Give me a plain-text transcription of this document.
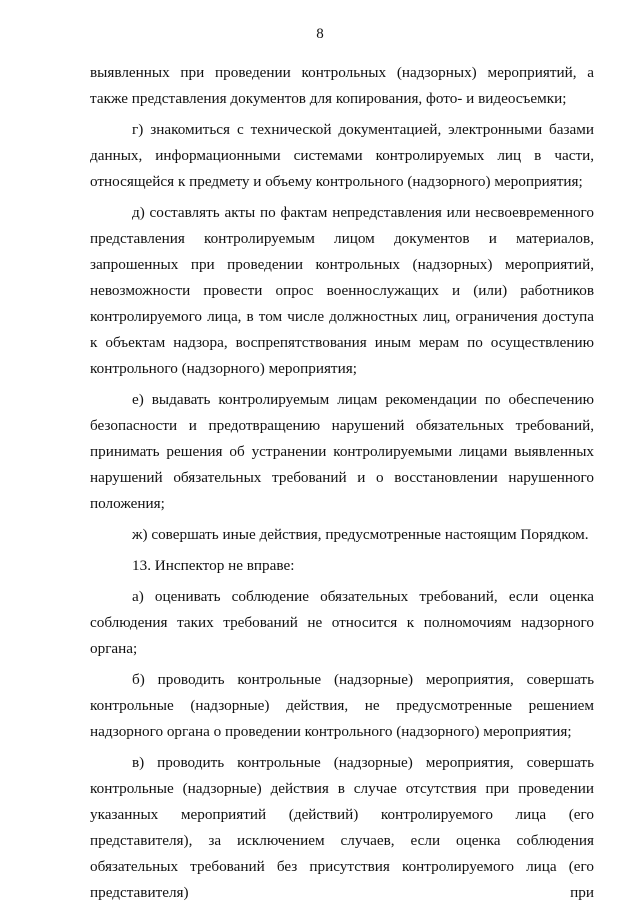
8

выявленных при проведении контрольных (надзорных) мероприятий, а также представления документов для копирования, фото- и видеосъемки;

г) знакомиться с технической документацией, электронными базами данных, информационными системами контролируемых лиц в части, относящейся к предмету и объему контрольного (надзорного) мероприятия;

д) составлять акты по фактам непредставления или несвоевременного представления контролируемым лицом документов и материалов, запрошенных при проведении контрольных (надзорных) мероприятий, невозможности провести опрос военнослужащих и (или) работников контролируемого лица, в том числе должностных лиц, ограничения доступа к объектам надзора, воспрепятствования иным мерам по осуществлению контрольного (надзорного) мероприятия;

е) выдавать контролируемым лицам рекомендации по обеспечению безопасности и предотвращению нарушений обязательных требований, принимать решения об устранении контролируемыми лицами выявленных нарушений обязательных требований и о восстановлении нарушенного положения;

ж) совершать иные действия, предусмотренные настоящим Порядком.

13. Инспектор не вправе:

а) оценивать соблюдение обязательных требований, если оценка соблюдения таких требований не относится к полномочиям надзорного органа;

б) проводить контрольные (надзорные) мероприятия, совершать контрольные (надзорные) действия, не предусмотренные решением надзорного органа о проведении контрольного (надзорного) мероприятия;

в) проводить контрольные (надзорные) мероприятия, совершать контрольные (надзорные) действия в случае отсутствия при проведении указанных мероприятий (действий) контролируемого лица (его представителя), за исключением случаев, если оценка соблюдения обязательных требований без присутствия контролируемого лица (его представителя) при
